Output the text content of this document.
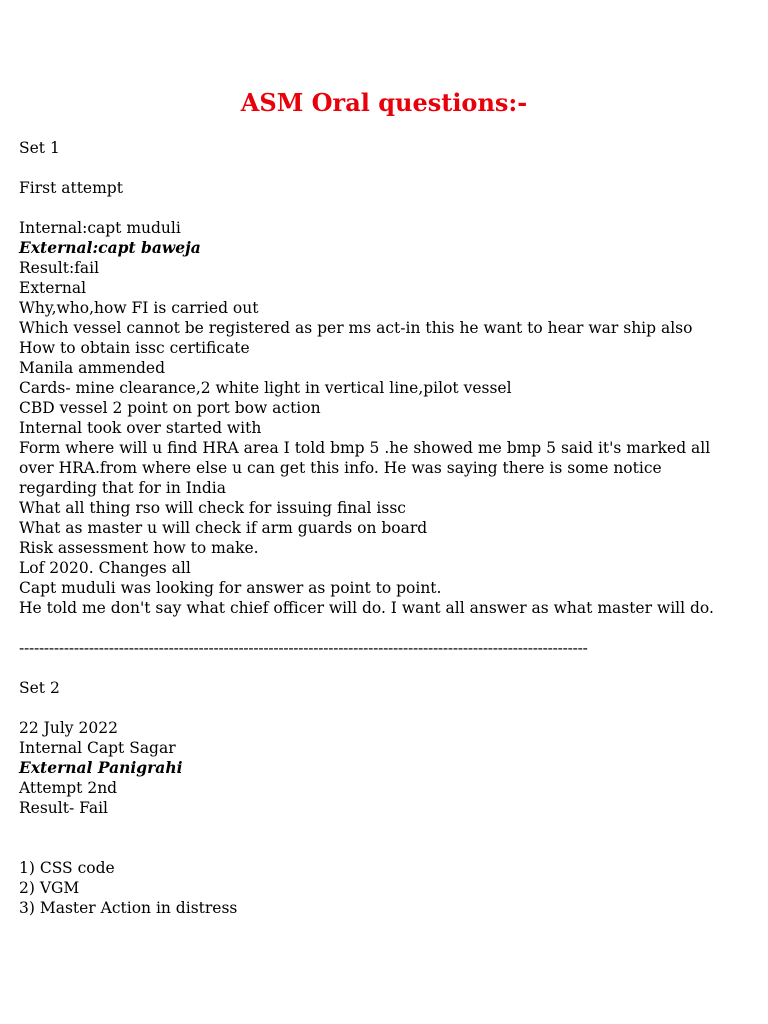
ASM Oral questions:-

Set 1

First attempt

Internal:capt muduli

External:capt baweja

Result:fail

External

Why,who,how FI is carried out

Which vessel cannot be registered as per ms act-in this he want to hear war ship also

How to obtain issc certificate

Manila ammended

Cards- mine clearance,2 white light in vertical line,pilot vessel

CBD vessel 2 point on port bow action

Internal took over started with

Form where will u find HRA area I told bmp 5 .he showed me bmp 5 said it's marked all over HRA.from where else u can get this info. He was saying there is some notice regarding that for in India

What all thing rso will check for issuing final issc

What as master u will check if arm guards on board

Risk assessment how to make.

Lof 2020. Changes all

Capt muduli was looking for answer as point to point.

He told me don't say what chief officer will do. I want all answer as what master will do.

------------------------------------------------------------------------------------------------------------------

Set 2

22 July 2022

Internal Capt Sagar

External Panigrahi

Attempt 2nd

Result- Fail

1) CSS code

2) VGM

3) Master Action in distress
